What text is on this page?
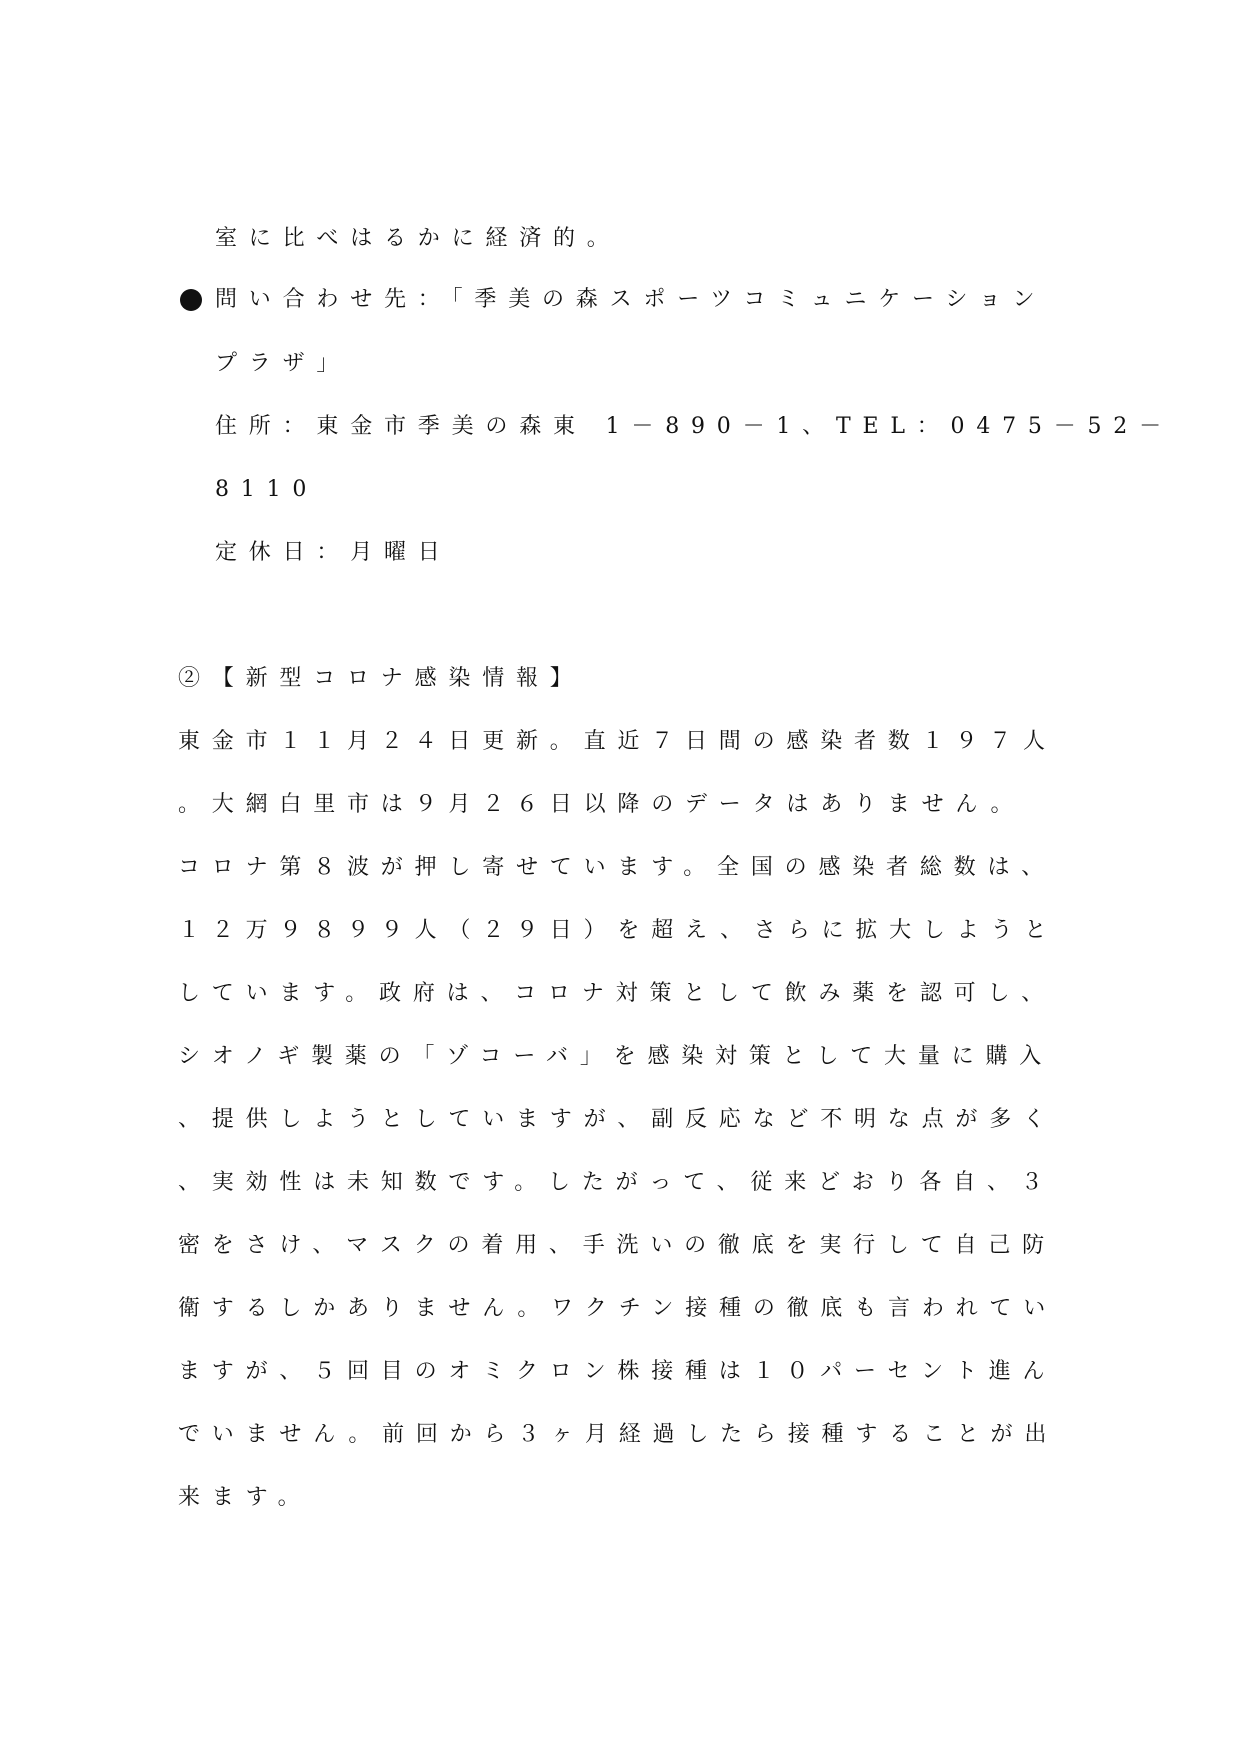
室に比べはるかに経済的。
問い合わせ先：「季美の森スポーツコミュニケーション
プラザ」
住所：東金市季美の森東 1－890－1、TEL：0475－52－
8110
定休日：月曜日
②【新型コロナ感染情報】
東金市１１月２４日更新。直近７日間の感染者数１９７人
。大網白里市は９月２６日以降のデータはありません。
コロナ第８波が押し寄せています。全国の感染者総数は、
１２万９８９９人（２９日）を超え、さらに拡大しようと
しています。政府は、コロナ対策として飲み薬を認可し、
シオノギ製薬の「ゾコーバ」を感染対策として大量に購入
、提供しようとしていますが、副反応など不明な点が多く
、実効性は未知数です。したがって、従来どおり各自、３
密をさけ、マスクの着用、手洗いの徹底を実行して自己防
衛するしかありません。ワクチン接種の徹底も言われてい
ますが、５回目のオミクロン株接種は１０パーセント進ん
でいません。前回から３ヶ月経過したら接種することが出
来ます。
